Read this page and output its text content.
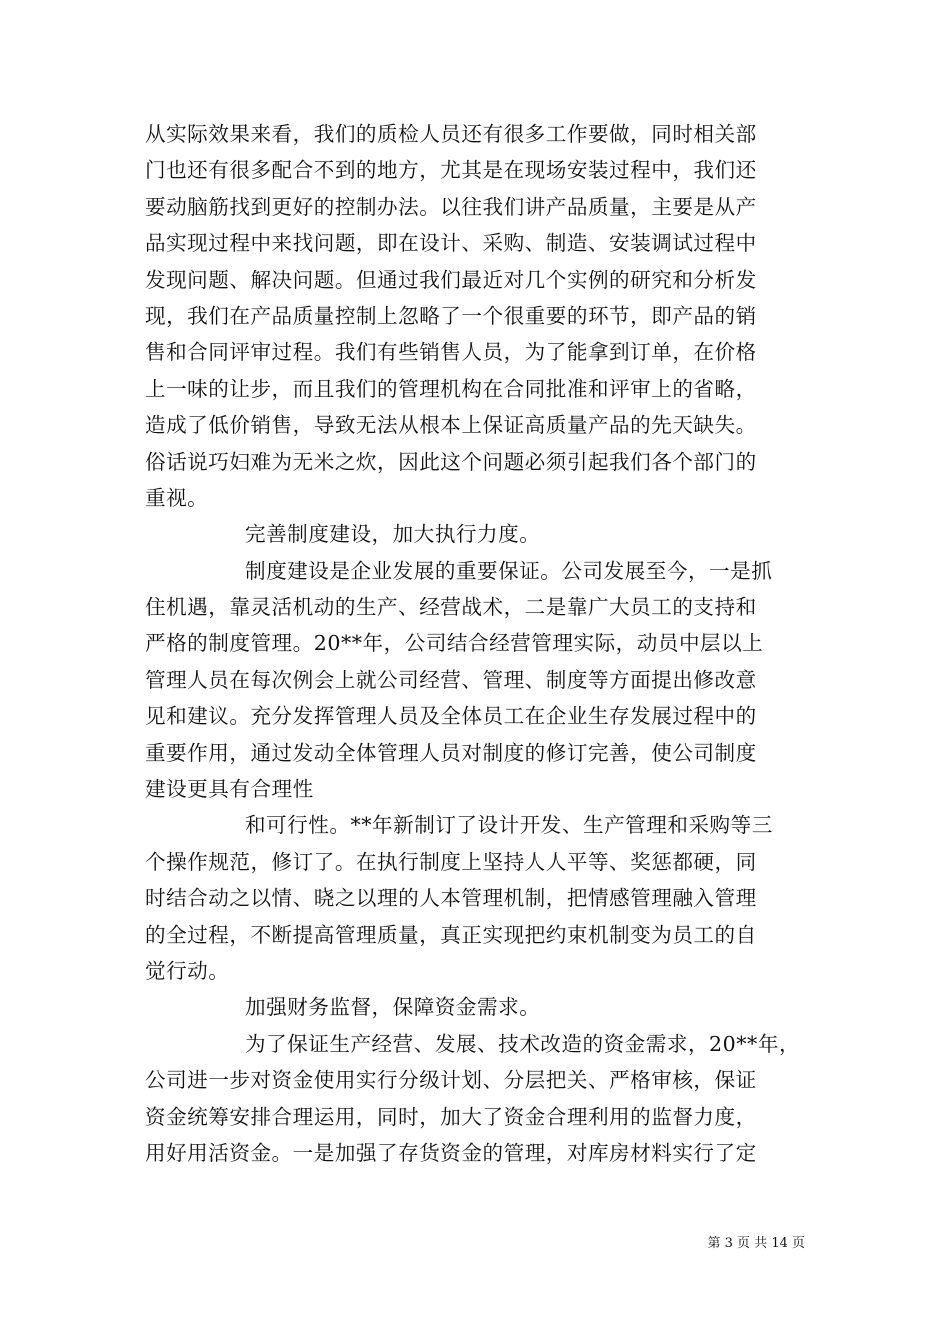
从实际效果来看，我们的质检人员还有很多工作要做，同时相关部
门也还有很多配合不到的地方，尤其是在现场安装过程中，我们还
要动脑筋找到更好的控制办法。以往我们讲产品质量，主要是从产
品实现过程中来找问题，即在设计、采购、制造、安装调试过程中
发现问题、解决问题。但通过我们最近对几个实例的研究和分析发
现，我们在产品质量控制上忽略了一个很重要的环节，即产品的销
售和合同评审过程。我们有些销售人员，为了能拿到订单，在价格
上一味的让步，而且我们的管理机构在合同批准和评审上的省略，
造成了低价销售，导致无法从根本上保证高质量产品的先天缺失。
俗话说巧妇难为无米之炊，因此这个问题必须引起我们各个部门的
重视。
完善制度建设，加大执行力度。
制度建设是企业发展的重要保证。公司发展至今，一是抓
住机遇，靠灵活机动的生产、经营战术，二是靠广大员工的支持和
严格的制度管理。20**年，公司结合经营管理实际，动员中层以上
管理人员在每次例会上就公司经营、管理、制度等方面提出修改意
见和建议。充分发挥管理人员及全体员工在企业生存发展过程中的
重要作用，通过发动全体管理人员对制度的修订完善，使公司制度
建设更具有合理性
和可行性。**年新制订了设计开发、生产管理和采购等三
个操作规范，修订了。在执行制度上坚持人人平等、奖惩都硬，同
时结合动之以情、晓之以理的人本管理机制，把情感管理融入管理
的全过程，不断提高管理质量，真正实现把约束机制变为员工的自
觉行动。
加强财务监督，保障资金需求。
为了保证生产经营、发展、技术改造的资金需求，20**年，
公司进一步对资金使用实行分级计划、分层把关、严格审核，保证
资金统筹安排合理运用，同时，加大了资金合理利用的监督力度，
用好用活资金。一是加强了存货资金的管理，对库房材料实行了定
第 3 页 共 14 页
